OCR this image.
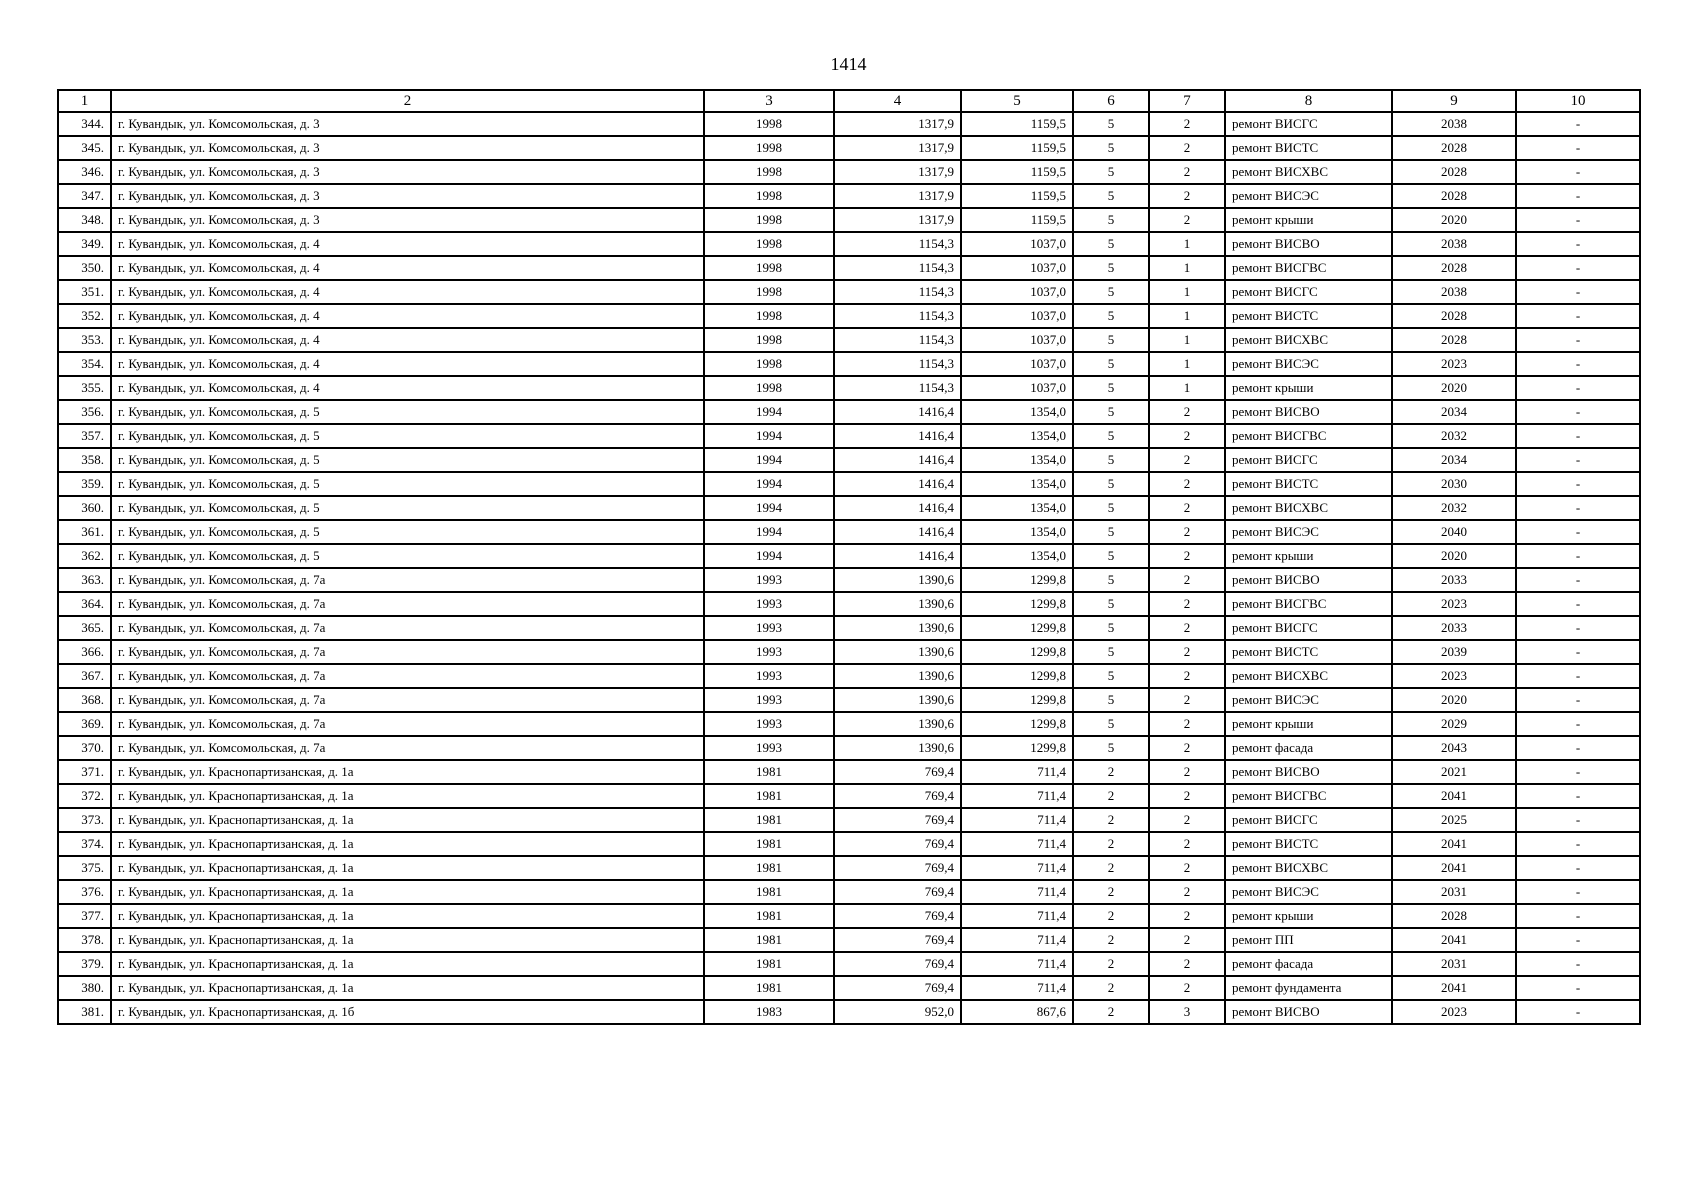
1414
1	2	3	4	5	6	7	8	9	10
344.	г. Кувандык, ул. Комсомольская, д. 3	1998	1317,9	1159,5	5	2	ремонт ВИСГС	2038	-
345.	г. Кувандык, ул. Комсомольская, д. 3	1998	1317,9	1159,5	5	2	ремонт ВИСТС	2028	-
346.	г. Кувандык, ул. Комсомольская, д. 3	1998	1317,9	1159,5	5	2	ремонт ВИСХВС	2028	-
347.	г. Кувандык, ул. Комсомольская, д. 3	1998	1317,9	1159,5	5	2	ремонт ВИСЭС	2028	-
348.	г. Кувандык, ул. Комсомольская, д. 3	1998	1317,9	1159,5	5	2	ремонт крыши	2020	-
349.	г. Кувандык, ул. Комсомольская, д. 4	1998	1154,3	1037,0	5	1	ремонт ВИСВО	2038	-
350.	г. Кувандык, ул. Комсомольская, д. 4	1998	1154,3	1037,0	5	1	ремонт ВИСГВС	2028	-
351.	г. Кувандык, ул. Комсомольская, д. 4	1998	1154,3	1037,0	5	1	ремонт ВИСГС	2038	-
352.	г. Кувандык, ул. Комсомольская, д. 4	1998	1154,3	1037,0	5	1	ремонт ВИСТС	2028	-
353.	г. Кувандык, ул. Комсомольская, д. 4	1998	1154,3	1037,0	5	1	ремонт ВИСХВС	2028	-
354.	г. Кувандык, ул. Комсомольская, д. 4	1998	1154,3	1037,0	5	1	ремонт ВИСЭС	2023	-
355.	г. Кувандык, ул. Комсомольская, д. 4	1998	1154,3	1037,0	5	1	ремонт крыши	2020	-
356.	г. Кувандык, ул. Комсомольская, д. 5	1994	1416,4	1354,0	5	2	ремонт ВИСВО	2034	-
357.	г. Кувандык, ул. Комсомольская, д. 5	1994	1416,4	1354,0	5	2	ремонт ВИСГВС	2032	-
358.	г. Кувандык, ул. Комсомольская, д. 5	1994	1416,4	1354,0	5	2	ремонт ВИСГС	2034	-
359.	г. Кувандык, ул. Комсомольская, д. 5	1994	1416,4	1354,0	5	2	ремонт ВИСТС	2030	-
360.	г. Кувандык, ул. Комсомольская, д. 5	1994	1416,4	1354,0	5	2	ремонт ВИСХВС	2032	-
361.	г. Кувандык, ул. Комсомольская, д. 5	1994	1416,4	1354,0	5	2	ремонт ВИСЭС	2040	-
362.	г. Кувандык, ул. Комсомольская, д. 5	1994	1416,4	1354,0	5	2	ремонт крыши	2020	-
363.	г. Кувандык, ул. Комсомольская, д. 7а	1993	1390,6	1299,8	5	2	ремонт ВИСВО	2033	-
364.	г. Кувандык, ул. Комсомольская, д. 7а	1993	1390,6	1299,8	5	2	ремонт ВИСГВС	2023	-
365.	г. Кувандык, ул. Комсомольская, д. 7а	1993	1390,6	1299,8	5	2	ремонт ВИСГС	2033	-
366.	г. Кувандык, ул. Комсомольская, д. 7а	1993	1390,6	1299,8	5	2	ремонт ВИСТС	2039	-
367.	г. Кувандык, ул. Комсомольская, д. 7а	1993	1390,6	1299,8	5	2	ремонт ВИСХВС	2023	-
368.	г. Кувандык, ул. Комсомольская, д. 7а	1993	1390,6	1299,8	5	2	ремонт ВИСЭС	2020	-
369.	г. Кувандык, ул. Комсомольская, д. 7а	1993	1390,6	1299,8	5	2	ремонт крыши	2029	-
370.	г. Кувандык, ул. Комсомольская, д. 7а	1993	1390,6	1299,8	5	2	ремонт фасада	2043	-
371.	г. Кувандык, ул. Краснопартизанская, д. 1а	1981	769,4	711,4	2	2	ремонт ВИСВО	2021	-
372.	г. Кувандык, ул. Краснопартизанская, д. 1а	1981	769,4	711,4	2	2	ремонт ВИСГВС	2041	-
373.	г. Кувандык, ул. Краснопартизанская, д. 1а	1981	769,4	711,4	2	2	ремонт ВИСГС	2025	-
374.	г. Кувандык, ул. Краснопартизанская, д. 1а	1981	769,4	711,4	2	2	ремонт ВИСТС	2041	-
375.	г. Кувандык, ул. Краснопартизанская, д. 1а	1981	769,4	711,4	2	2	ремонт ВИСХВС	2041	-
376.	г. Кувандык, ул. Краснопартизанская, д. 1а	1981	769,4	711,4	2	2	ремонт ВИСЭС	2031	-
377.	г. Кувандык, ул. Краснопартизанская, д. 1а	1981	769,4	711,4	2	2	ремонт крыши	2028	-
378.	г. Кувандык, ул. Краснопартизанская, д. 1а	1981	769,4	711,4	2	2	ремонт ПП	2041	-
379.	г. Кувандык, ул. Краснопартизанская, д. 1а	1981	769,4	711,4	2	2	ремонт фасада	2031	-
380.	г. Кувандык, ул. Краснопартизанская, д. 1а	1981	769,4	711,4	2	2	ремонт фундамента	2041	-
381.	г. Кувандык, ул. Краснопартизанская, д. 1б	1983	952,0	867,6	2	3	ремонт ВИСВО	2023	-
